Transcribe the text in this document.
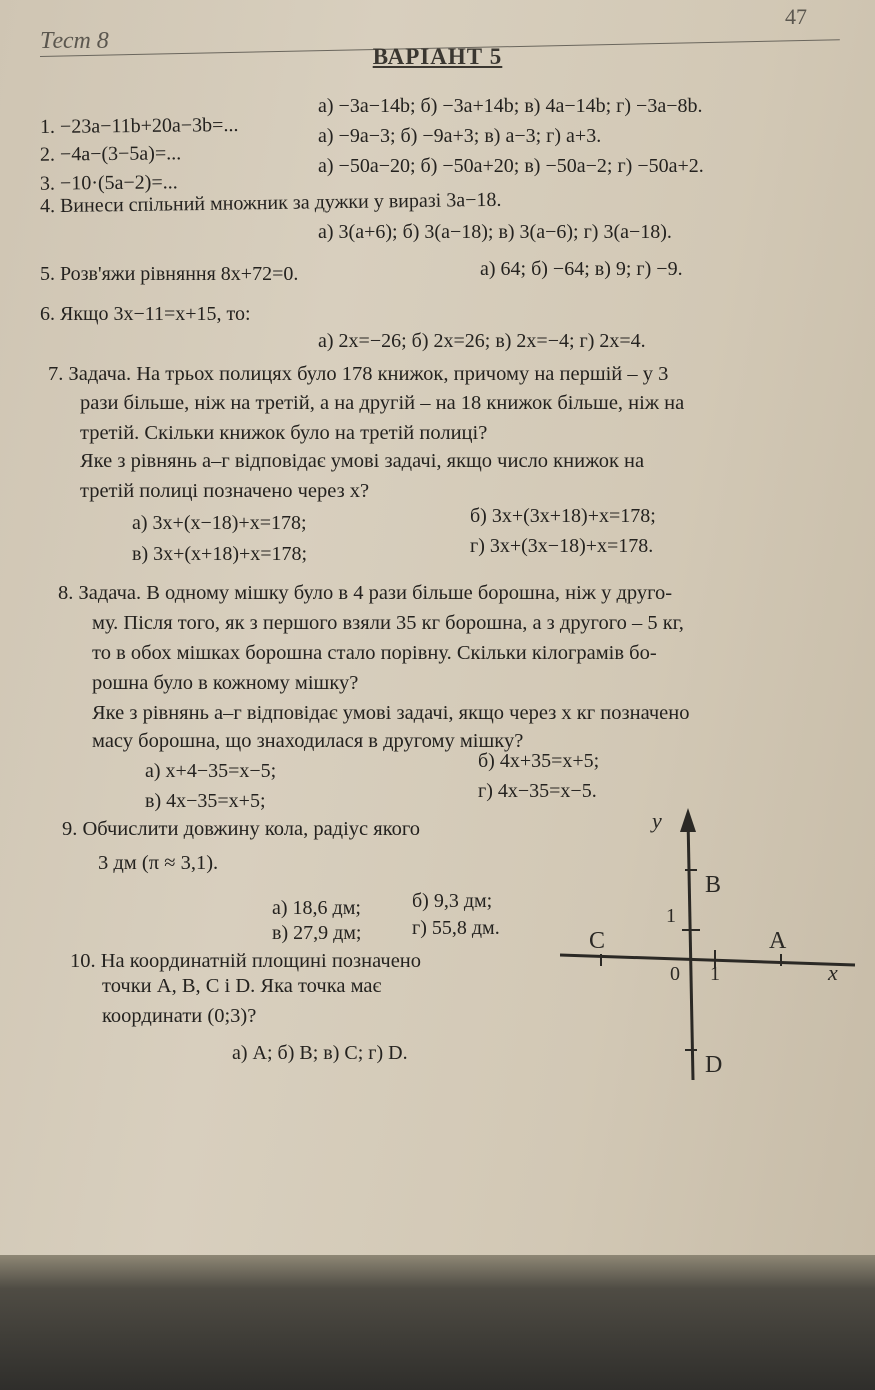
Тест 8
47
ВАРІАНТ 5
1. −23a−11b+20a−3b=...
а) −3a−14b; б) −3a+14b; в) 4a−14b; г) −3a−8b.
2. −4a−(3−5a)=...
а) −9a−3; б) −9a+3; в) a−3; г) a+3.
3. −10·(5a−2)=...
а) −50a−20; б) −50a+20; в) −50a−2; г) −50a+2.
4. Винеси спільний множник за дужки у виразі 3a−18.
а) 3(a+6); б) 3(a−18); в) 3(a−6); г) 3(a−18).
5. Розв'яжи рівняння 8x+72=0.	а) 64; б) −64; в) 9; г) −9.
6. Якщо 3x−11=x+15, то:
а) 2x=−26; б) 2x=26; в) 2x=−4; г) 2x=4.
7. Задача. На трьох полицях було 178 книжок, причому на першій – у 3
рази більше, ніж на третій, а на другій – на 18 книжок більше, ніж на
третій. Скільки книжок було на третій полиці?
Яке з рівнянь а–г відповідає умові задачі, якщо число книжок на
третій полиці позначено через x?
а) 3x+(x−18)+x=178;	б) 3x+(3x+18)+x=178;
в) 3x+(x+18)+x=178;	г) 3x+(3x−18)+x=178.
8. Задача. В одному мішку було в 4 рази більше борошна, ніж у друго-
му. Після того, як з першого взяли 35 кг борошна, а з другого – 5 кг,
то в обох мішках борошна стало порівну. Скільки кілограмів бо-
рошна було в кожному мішку?
Яке з рівнянь а–г відповідає умові задачі, якщо через x кг позначено
масу борошна, що знаходилася в другому мішку?
а) x+4−35=x−5;	б) 4x+35=x+5;
в) 4x−35=x+5;	г) 4x−35=x−5.
9. Обчислити довжину кола, радіус якого
3 дм (π ≈ 3,1).
а) 18,6 дм;	б) 9,3 дм;
в) 27,9 дм;	г) 55,8 дм.
10. На координатній площині позначено
точки A, B, C і D. Яка точка має
координати (0;3)?
а) A; б) B; в) C; г) D.
y
x
0 1
1
B
A
C
D
